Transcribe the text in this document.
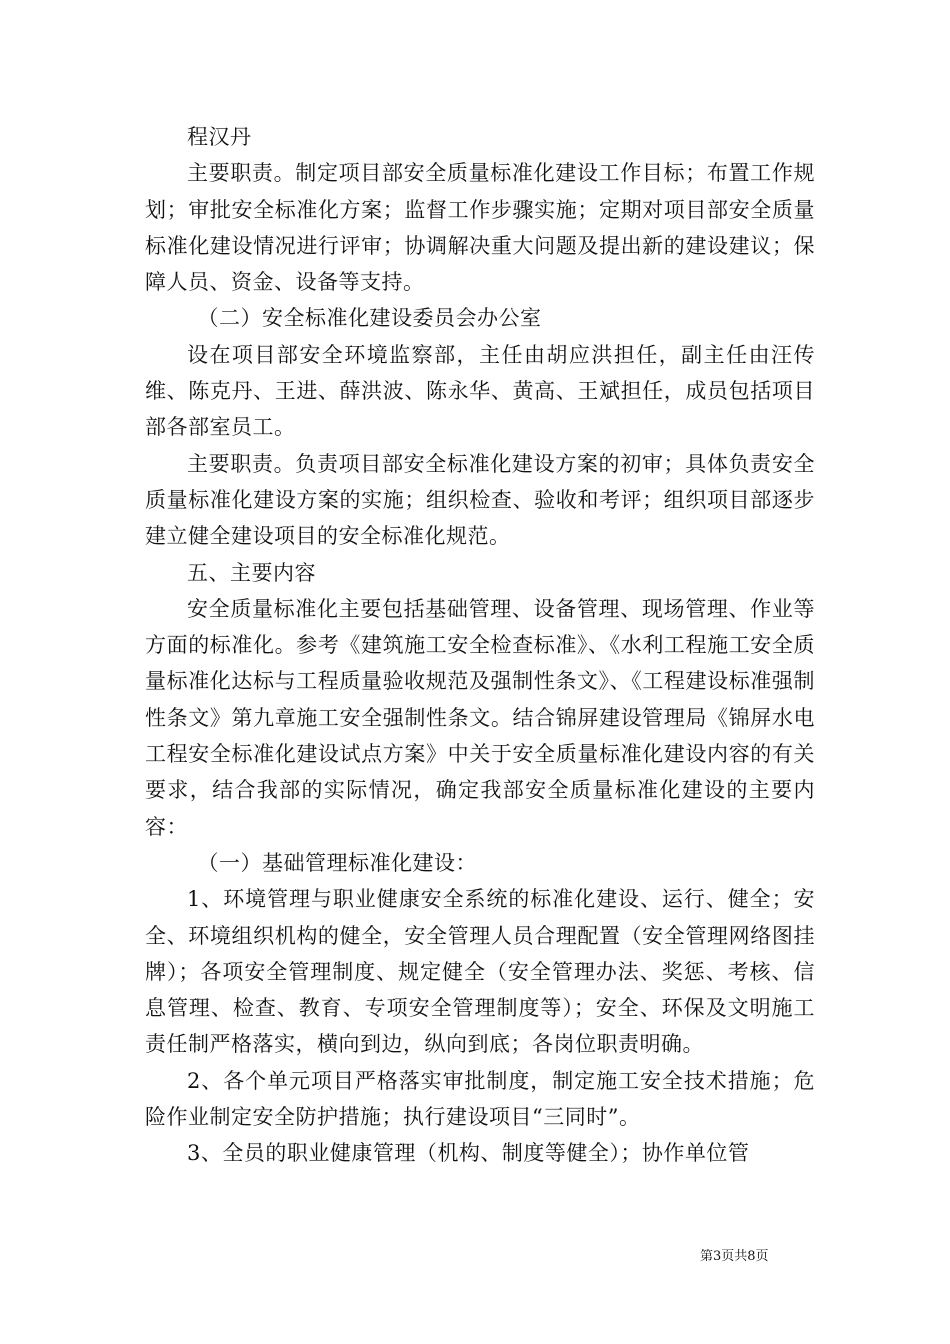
程汉丹

主要职责。制定项目部安全质量标准化建设工作目标；布置工作规划；审批安全标准化方案；监督工作步骤实施；定期对项目部安全质量标准化建设情况进行评审；协调解决重大问题及提出新的建设建议；保障人员、资金、设备等支持。

（二）安全标准化建设委员会办公室

设在项目部安全环境监察部，主任由胡应洪担任，副主任由汪传维、陈克丹、王进、薛洪波、陈永华、黄高、王斌担任，成员包括项目部各部室员工。

主要职责。负责项目部安全标准化建设方案的初审；具体负责安全质量标准化建设方案的实施；组织检查、验收和考评；组织项目部逐步建立健全建设项目的安全标准化规范。

五、主要内容

安全质量标准化主要包括基础管理、设备管理、现场管理、作业等方面的标准化。参考《建筑施工安全检查标准》、《水利工程施工安全质量标准化达标与工程质量验收规范及强制性条文》、《工程建设标准强制性条文》第九章施工安全强制性条文。结合锦屏建设管理局《锦屏水电工程安全标准化建设试点方案》中关于安全质量标准化建设内容的有关要求，结合我部的实际情况，确定我部安全质量标准化建设的主要内容：

（一）基础管理标准化建设：

1、环境管理与职业健康安全系统的标准化建设、运行、健全；安全、环境组织机构的健全，安全管理人员合理配置（安全管理网络图挂牌）；各项安全管理制度、规定健全（安全管理办法、奖惩、考核、信息管理、检查、教育、专项安全管理制度等）；安全、环保及文明施工责任制严格落实，横向到边，纵向到底；各岗位职责明确。

2、各个单元项目严格落实审批制度，制定施工安全技术措施；危险作业制定安全防护措施；执行建设项目“三同时”。

3、全员的职业健康管理（机构、制度等健全）；协作单位管

第3页共8页
